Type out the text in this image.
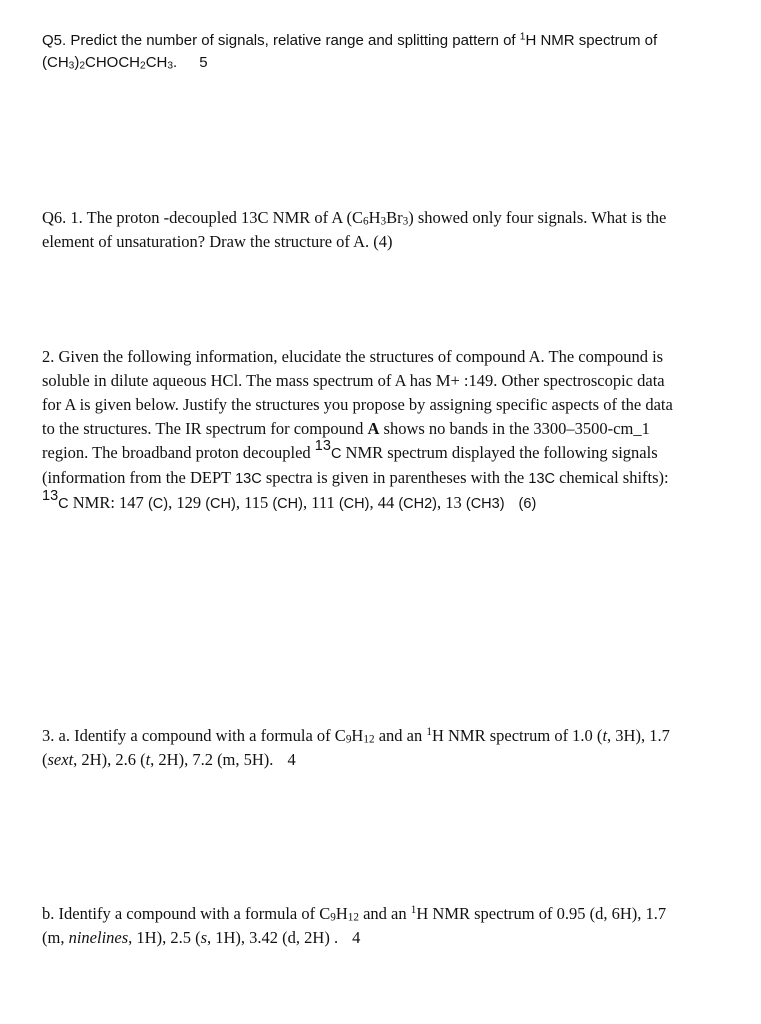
Q5. Predict the number of signals, relative range and splitting pattern of $^1$H NMR spectrum of
$(CH_3)_2CHOCH_2CH_3$. 5
Q6. 1. The proton -decoupled 13C NMR of A $(C_6H_3Br_3)$ showed only four signals. What is the
element of unsaturation? Draw the structure of A. (4)
2. Given the following information, elucidate the structures of compound A. The compound is
soluble in dilute aqueous HCl. The mass spectrum of A has M+ :149. Other spectroscopic data
for A is given below. Justify the structures you propose by assigning specific aspects of the data
to the structures. The IR spectrum for compound A shows no bands in the 3300–3500-cm_1
region. The broadband proton decoupled $^{13}$C NMR spectrum displayed the following signals
(information from the DEPT 13C spectra is given in parentheses with the 13C chemical shifts):
$^{13}$C NMR: 147 (C), 129 (CH), 115 (CH), 111 (CH), 44 (CH2), 13 (CH3) (6)
3. a. Identify a compound with a formula of $C_9H_{12}$ and an $^1$H NMR spectrum of 1.0 (t, 3H), 1.7
(sext, 2H), 2.6 (t, 2H), 7.2 (m, 5H). 4
b. Identify a compound with a formula of $C_9H_{12}$ and an $^1$H NMR spectrum of 0.95 (d, 6H), 1.7
(m, ninelines, 1H), 2.5 (s, 1H), 3.42 (d, 2H) . 4
